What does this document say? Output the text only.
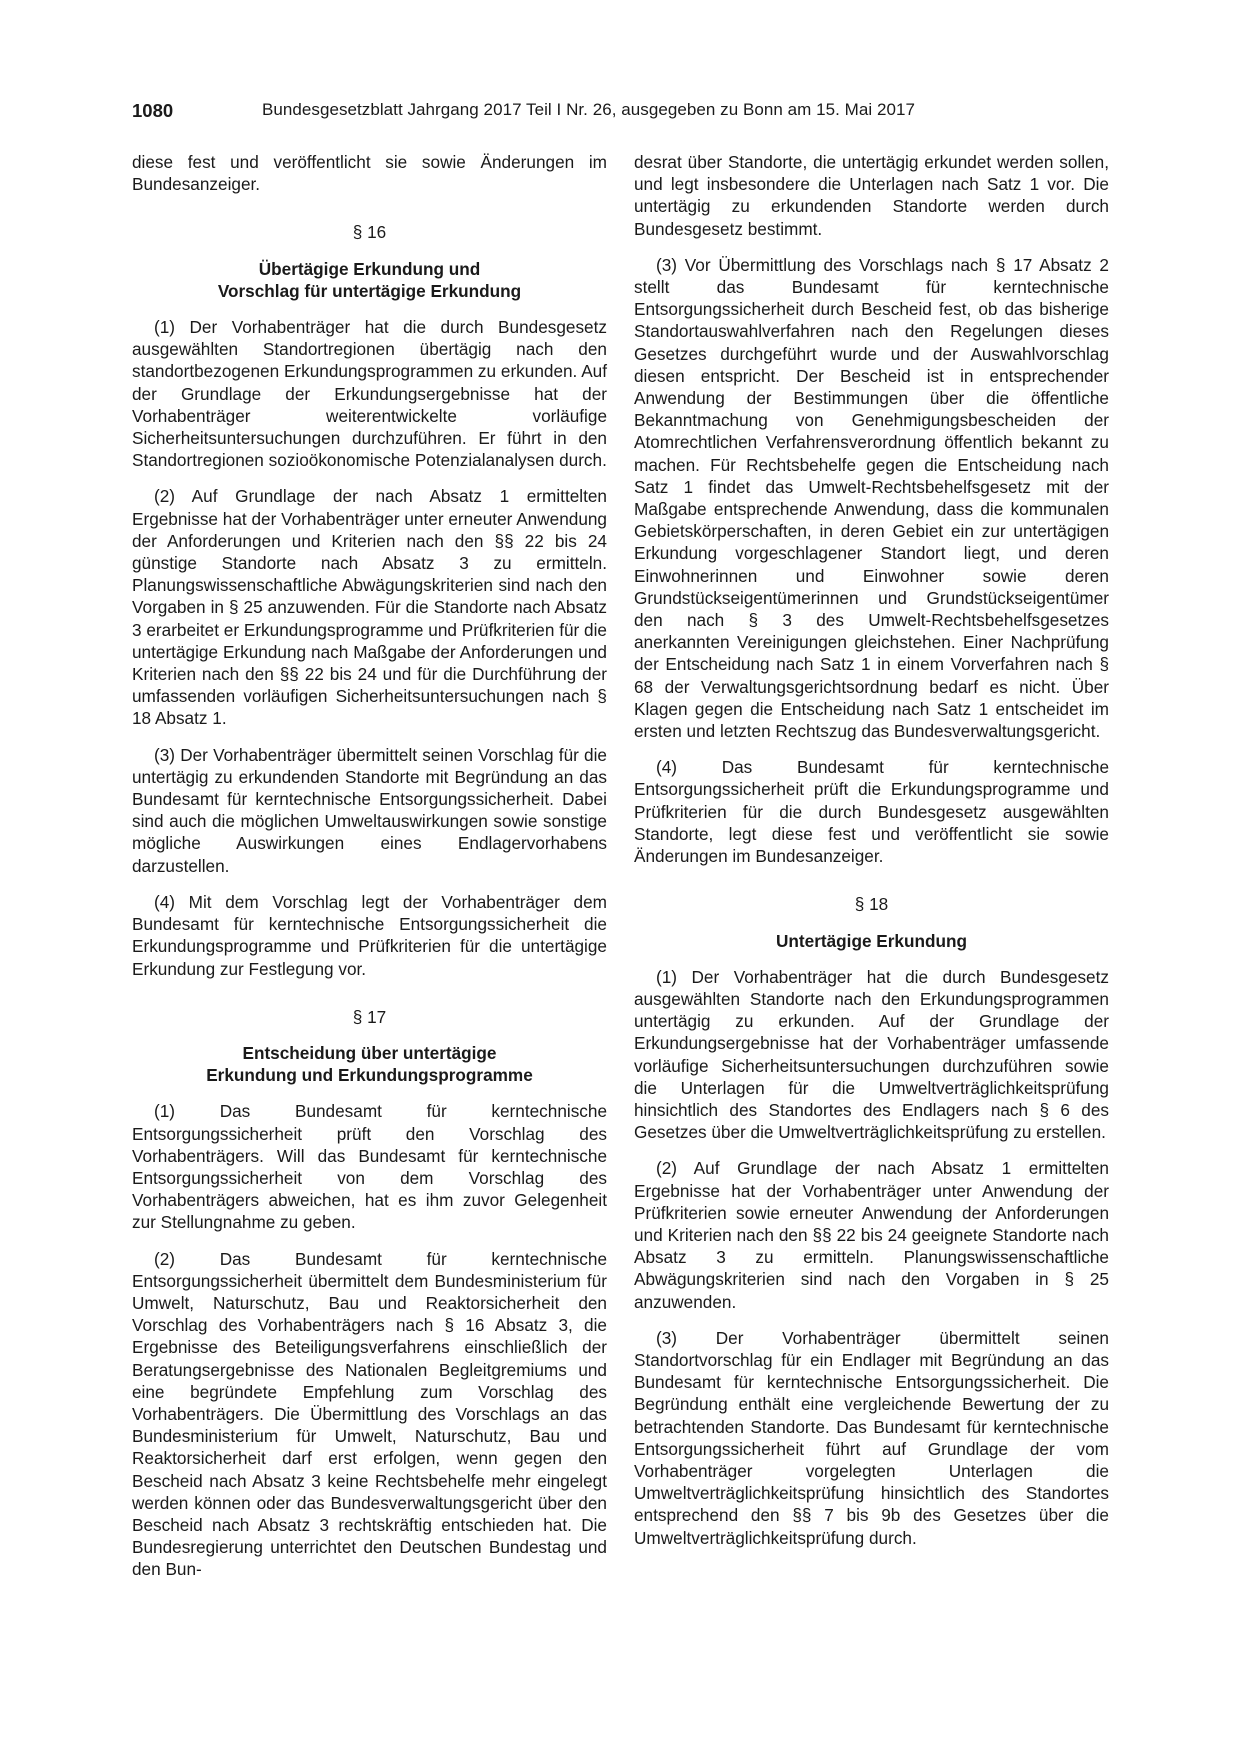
1080	Bundesgesetzblatt Jahrgang 2017 Teil I Nr. 26, ausgegeben zu Bonn am 15. Mai 2017

diese fest und veröffentlicht sie sowie Änderungen im Bundesanzeiger.

§ 16
Übertägige Erkundung und
Vorschlag für untertägige Erkundung

(1) Der Vorhabenträger hat die durch Bundesgesetz ausgewählten Standortregionen übertägig nach den standortbezogenen Erkundungsprogrammen zu erkunden. Auf der Grundlage der Erkundungsergebnisse hat der Vorhabenträger weiterentwickelte vorläufige Sicherheitsuntersuchungen durchzuführen. Er führt in den Standortregionen sozioökonomische Potenzialanalysen durch.

(2) Auf Grundlage der nach Absatz 1 ermittelten Ergebnisse hat der Vorhabenträger unter erneuter Anwendung der Anforderungen und Kriterien nach den §§ 22 bis 24 günstige Standorte nach Absatz 3 zu ermitteln. Planungswissenschaftliche Abwägungskriterien sind nach den Vorgaben in § 25 anzuwenden. Für die Standorte nach Absatz 3 erarbeitet er Erkundungsprogramme und Prüfkriterien für die untertägige Erkundung nach Maßgabe der Anforderungen und Kriterien nach den §§ 22 bis 24 und für die Durchführung der umfassenden vorläufigen Sicherheitsuntersuchungen nach § 18 Absatz 1.

(3) Der Vorhabenträger übermittelt seinen Vorschlag für die untertägig zu erkundenden Standorte mit Begründung an das Bundesamt für kerntechnische Entsorgungssicherheit. Dabei sind auch die möglichen Umweltauswirkungen sowie sonstige mögliche Auswirkungen eines Endlagervorhabens darzustellen.

(4) Mit dem Vorschlag legt der Vorhabenträger dem Bundesamt für kerntechnische Entsorgungssicherheit die Erkundungsprogramme und Prüfkriterien für die untertägige Erkundung zur Festlegung vor.

§ 17
Entscheidung über untertägige
Erkundung und Erkundungsprogramme

(1) Das Bundesamt für kerntechnische Entsorgungssicherheit prüft den Vorschlag des Vorhabenträgers. Will das Bundesamt für kerntechnische Entsorgungssicherheit von dem Vorschlag des Vorhabenträgers abweichen, hat es ihm zuvor Gelegenheit zur Stellungnahme zu geben.

(2) Das Bundesamt für kerntechnische Entsorgungssicherheit übermittelt dem Bundesministerium für Umwelt, Naturschutz, Bau und Reaktorsicherheit den Vorschlag des Vorhabenträgers nach § 16 Absatz 3, die Ergebnisse des Beteiligungsverfahrens einschließlich der Beratungsergebnisse des Nationalen Begleitgremiums und eine begründete Empfehlung zum Vorschlag des Vorhabenträgers. Die Übermittlung des Vorschlags an das Bundesministerium für Umwelt, Naturschutz, Bau und Reaktorsicherheit darf erst erfolgen, wenn gegen den Bescheid nach Absatz 3 keine Rechtsbehelfe mehr eingelegt werden können oder das Bundesverwaltungsgericht über den Bescheid nach Absatz 3 rechtskräftig entschieden hat. Die Bundesregierung unterrichtet den Deutschen Bundestag und den Bun-

desrat über Standorte, die untertägig erkundet werden sollen, und legt insbesondere die Unterlagen nach Satz 1 vor. Die untertägig zu erkundenden Standorte werden durch Bundesgesetz bestimmt.

(3) Vor Übermittlung des Vorschlags nach § 17 Absatz 2 stellt das Bundesamt für kerntechnische Entsorgungssicherheit durch Bescheid fest, ob das bisherige Standortauswahlverfahren nach den Regelungen dieses Gesetzes durchgeführt wurde und der Auswahlvorschlag diesen entspricht. Der Bescheid ist in entsprechender Anwendung der Bestimmungen über die öffentliche Bekanntmachung von Genehmigungsbescheiden der Atomrechtlichen Verfahrensverordnung öffentlich bekannt zu machen. Für Rechtsbehelfe gegen die Entscheidung nach Satz 1 findet das Umwelt-Rechtsbehelfsgesetz mit der Maßgabe entsprechende Anwendung, dass die kommunalen Gebietskörperschaften, in deren Gebiet ein zur untertägigen Erkundung vorgeschlagener Standort liegt, und deren Einwohnerinnen und Einwohner sowie deren Grundstückseigentümerinnen und Grundstückseigentümer den nach § 3 des Umwelt-Rechtsbehelfsgesetzes anerkannten Vereinigungen gleichstehen. Einer Nachprüfung der Entscheidung nach Satz 1 in einem Vorverfahren nach § 68 der Verwaltungsgerichtsordnung bedarf es nicht. Über Klagen gegen die Entscheidung nach Satz 1 entscheidet im ersten und letzten Rechtszug das Bundesverwaltungsgericht.

(4) Das Bundesamt für kerntechnische Entsorgungssicherheit prüft die Erkundungsprogramme und Prüfkriterien für die durch Bundesgesetz ausgewählten Standorte, legt diese fest und veröffentlicht sie sowie Änderungen im Bundesanzeiger.

§ 18
Untertägige Erkundung

(1) Der Vorhabenträger hat die durch Bundesgesetz ausgewählten Standorte nach den Erkundungsprogrammen untertägig zu erkunden. Auf der Grundlage der Erkundungsergebnisse hat der Vorhabenträger umfassende vorläufige Sicherheitsuntersuchungen durchzuführen sowie die Unterlagen für die Umweltverträglichkeitsprüfung hinsichtlich des Standortes des Endlagers nach § 6 des Gesetzes über die Umweltverträglichkeitsprüfung zu erstellen.

(2) Auf Grundlage der nach Absatz 1 ermittelten Ergebnisse hat der Vorhabenträger unter Anwendung der Prüfkriterien sowie erneuter Anwendung der Anforderungen und Kriterien nach den §§ 22 bis 24 geeignete Standorte nach Absatz 3 zu ermitteln. Planungswissenschaftliche Abwägungskriterien sind nach den Vorgaben in § 25 anzuwenden.

(3) Der Vorhabenträger übermittelt seinen Standortvorschlag für ein Endlager mit Begründung an das Bundesamt für kerntechnische Entsorgungssicherheit. Die Begründung enthält eine vergleichende Bewertung der zu betrachtenden Standorte. Das Bundesamt für kerntechnische Entsorgungssicherheit führt auf Grundlage der vom Vorhabenträger vorgelegten Unterlagen die Umweltverträglichkeitsprüfung hinsichtlich des Standortes entsprechend den §§ 7 bis 9b des Gesetzes über die Umweltverträglichkeitsprüfung durch.
